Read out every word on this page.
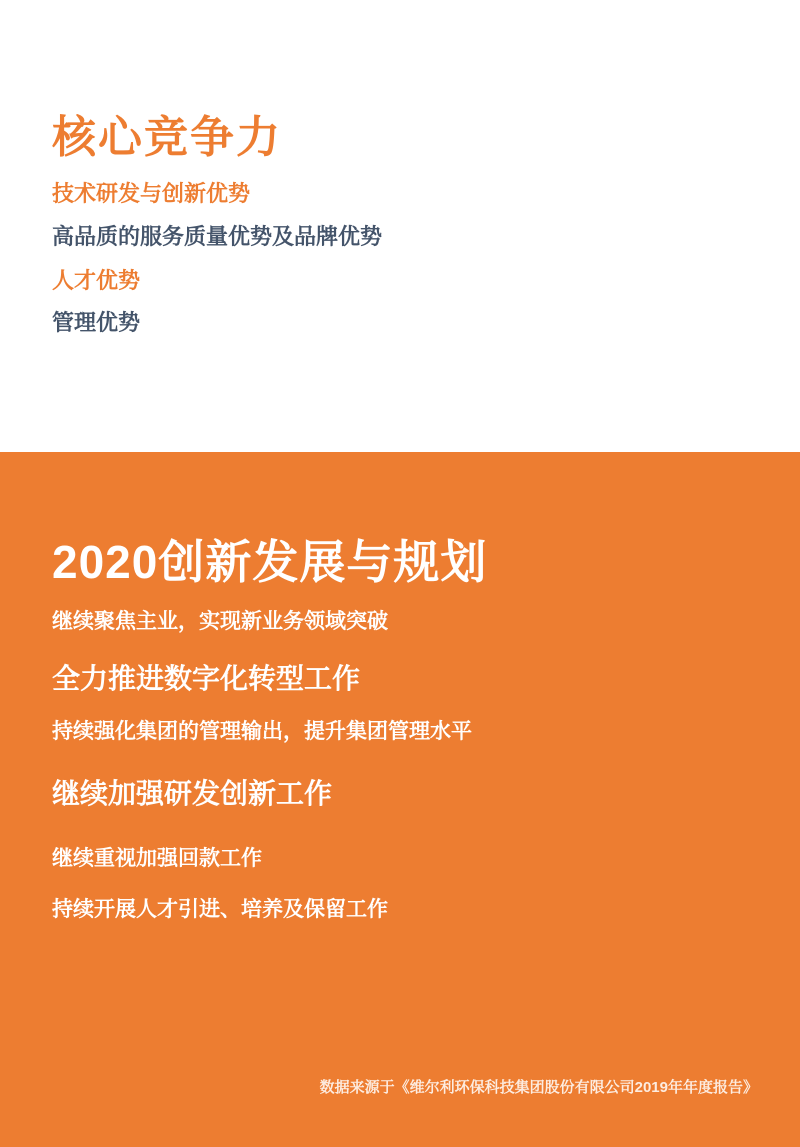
核心竞争力
技术研发与创新优势
高品质的服务质量优势及品牌优势
人才优势
管理优势
2020创新发展与规划
继续聚焦主业，实现新业务领域突破
全力推进数字化转型工作
持续强化集团的管理输出，提升集团管理水平
继续加强研发创新工作
继续重视加强回款工作
持续开展人才引进、培养及保留工作
数据来源于《维尔利环保科技集团股份有限公司2019年年度报告》
